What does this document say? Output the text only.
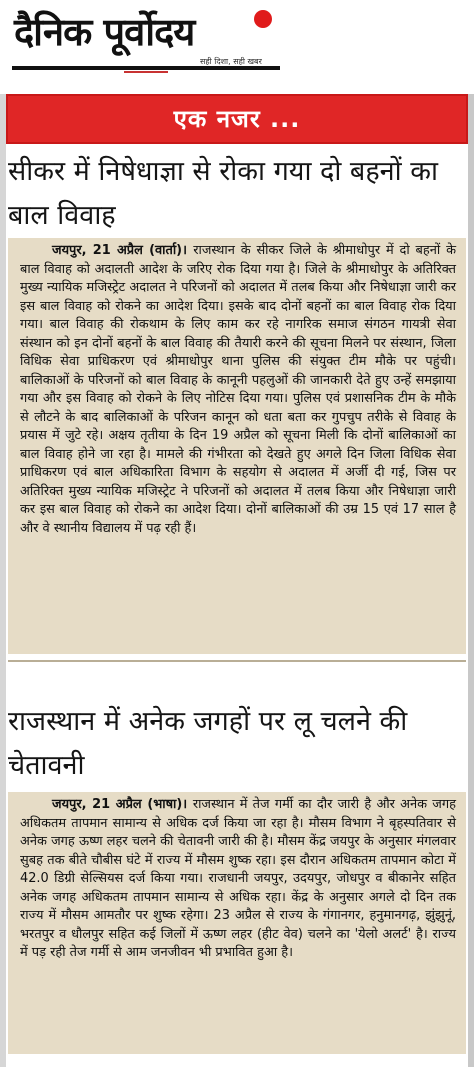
दैनिक पूर्वोदय
सही दिशा, सही खबर
एक नजर ...
सीकर में निषेधाज्ञा से रोका गया दो बहनों का बाल विवाह
जयपुर, 21 अप्रैल (वार्ता)। राजस्थान के सीकर जिले के श्रीमाधोपुर में दो बहनों के बाल विवाह को अदालती आदेश के जरिए रोक दिया गया है। जिले के श्रीमाधोपुर के अतिरिक्त मुख्य न्यायिक मजिस्ट्रेट अदालत ने परिजनों को अदालत में तलब किया और निषेधाज्ञा जारी कर इस बाल विवाह को रोकने का आदेश दिया। इसके बाद दोनों बहनों का बाल विवाह रोक दिया गया। बाल विवाह की रोकथाम के लिए काम कर रहे नागरिक समाज संगठन गायत्री सेवा संस्थान को इन दोनों बहनों के बाल विवाह की तैयारी करने की सूचना मिलने पर संस्थान, जिला विधिक सेवा प्राधिकरण एवं श्रीमाधोपुर थाना पुलिस की संयुक्त टीम मौके पर पहुंची। बालिकाओं के परिजनों को बाल विवाह के कानूनी पहलुओं की जानकारी देते हुए उन्हें समझाया गया और इस विवाह को रोकने के लिए नोटिस दिया गया। पुलिस एवं प्रशासनिक टीम के मौके से लौटने के बाद बालिकाओं के परिजन कानून को धता बता कर गुपचुप तरीके से विवाह के प्रयास में जुटे रहे। अक्षय तृतीया के दिन 19 अप्रैल को सूचना मिली कि दोनों बालिकाओं का बाल विवाह होने जा रहा है। मामले की गंभीरता को देखते हुए अगले दिन जिला विधिक सेवा प्राधिकरण एवं बाल अधिकारिता विभाग के सहयोग से अदालत में अर्जी दी गई, जिस पर अतिरिक्त मुख्य न्यायिक मजिस्ट्रेट ने परिजनों को अदालत में तलब किया और निषेधाज्ञा जारी कर इस बाल विवाह को रोकने का आदेश दिया। दोनों बालिकाओं की उम्र 15 एवं 17 साल है और वे स्थानीय विद्यालय में पढ़ रही हैं।
राजस्थान में अनेक जगहों पर लू चलने की चेतावनी
जयपुर, 21 अप्रैल (भाषा)। राजस्थान में तेज गर्मी का दौर जारी है और अनेक जगह अधिकतम तापमान सामान्य से अधिक दर्ज किया जा रहा है। मौसम विभाग ने बृहस्पतिवार से अनेक जगह ऊष्ण लहर चलने की चेतावनी जारी की है। मौसम केंद्र जयपुर के अनुसार मंगलवार सुबह तक बीते चौबीस घंटे में राज्य में मौसम शुष्क रहा। इस दौरान अधिकतम तापमान कोटा में 42.0 डिग्री सेल्सियस दर्ज किया गया। राजधानी जयपुर, उदयपुर, जोधपुर व बीकानेर सहित अनेक जगह अधिकतम तापमान सामान्य से अधिक रहा। केंद्र के अनुसार अगले दो दिन तक राज्य में मौसम आमतौर पर शुष्क रहेगा। 23 अप्रैल से राज्य के गंगानगर, हनुमानगढ़, झुंझुनूं, भरतपुर व धौलपुर सहित कई जिलों में ऊष्ण लहर (हीट वेव) चलने का 'येलो अलर्ट' है। राज्य में पड़ रही तेज गर्मी से आम जनजीवन भी प्रभावित हुआ है।
